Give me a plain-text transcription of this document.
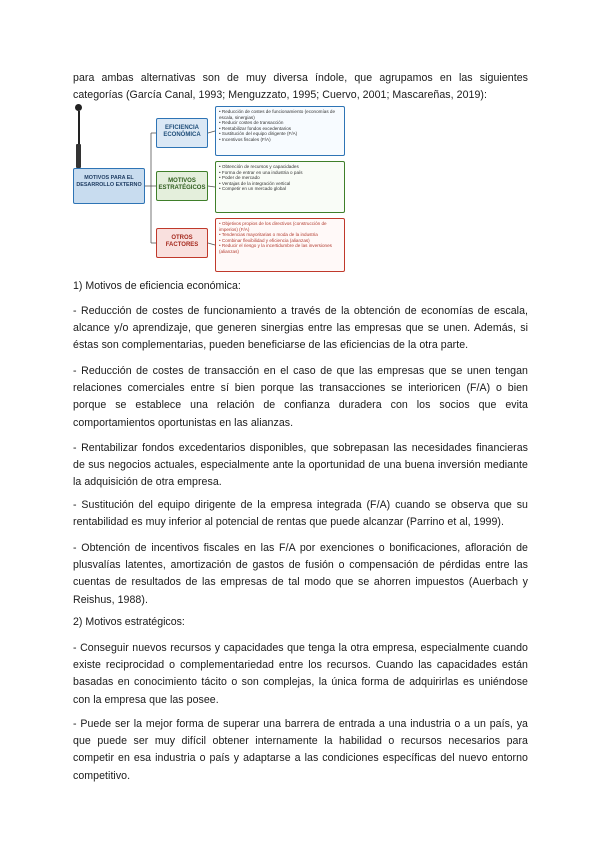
para ambas alternativas son de muy diversa índole, que agrupamos en las siguientes categorías (García Canal, 1993; Menguzzato, 1995; Cuervo, 2001; Mascareñas, 2019):

MOTIVOS PARA EL DESARROLLO EXTERNO
EFICIENCIA ECONÓMICA
MOTIVOS ESTRATÉGICOS
OTROS FACTORES
• Reducción de costes de funcionamiento (economías de escala, sinergias)
• Reducir costes de transacción
• Rentabilizar fondos excedentarios
• Sustitución del equipo dirigente (F/A)
• Incentivos fiscales (F/A)
• Obtención de recursos y capacidades
• Forma de entrar en una industria o país
• Poder de mercado
• Ventajas de la integración vertical
• Competir en un mercado global
• Objetivos propios de los directivos (construcción de imperios) (F/A)
• Tendencias mayoritarias o moda de la industria
• Combinar flexibilidad y eficiencia (alianzas)
• Reducir el riesgo y la incertidumbre de las inversiones (alianzas)

1) Motivos de eficiencia económica:

- Reducción de costes de funcionamiento a través de la obtención de economías de escala, alcance y/o aprendizaje, que generen sinergias entre las empresas que se unen. Además, si éstas son complementarias, pueden beneficiarse de las eficiencias de la otra parte.

- Reducción de costes de transacción en el caso de que las empresas que se unen tengan relaciones comerciales entre sí bien porque las transacciones se interioricen (F/A) o bien porque se establece una relación de confianza duradera con los socios que evita comportamientos oportunistas en las alianzas.

- Rentabilizar fondos excedentarios disponibles, que sobrepasan las necesidades financieras de sus negocios actuales, especialmente ante la oportunidad de una buena inversión mediante la adquisición de otra empresa.

- Sustitución del equipo dirigente de la empresa integrada (F/A) cuando se observa que su rentabilidad es muy inferior al potencial de rentas que puede alcanzar (Parrino et al, 1999).

- Obtención de incentivos fiscales en las F/A por exenciones o bonificaciones, afloración de plusvalías latentes, amortización de gastos de fusión o compensación de pérdidas entre las cuentas de resultados de las empresas de tal modo que se ahorren impuestos (Auerbach y Reishus, 1988).

2) Motivos estratégicos:

- Conseguir nuevos recursos y capacidades que tenga la otra empresa, especialmente cuando existe reciprocidad o complementariedad entre los recursos. Cuando las capacidades están basadas en conocimiento tácito o son complejas, la única forma de adquirirlas es uniéndose con la empresa que las posee.

- Puede ser la mejor forma de superar una barrera de entrada a una industria o a un país, ya que puede ser muy difícil obtener internamente la habilidad o recursos necesarios para competir en esa industria o país y adaptarse a las condiciones específicas del nuevo entorno competitivo.
